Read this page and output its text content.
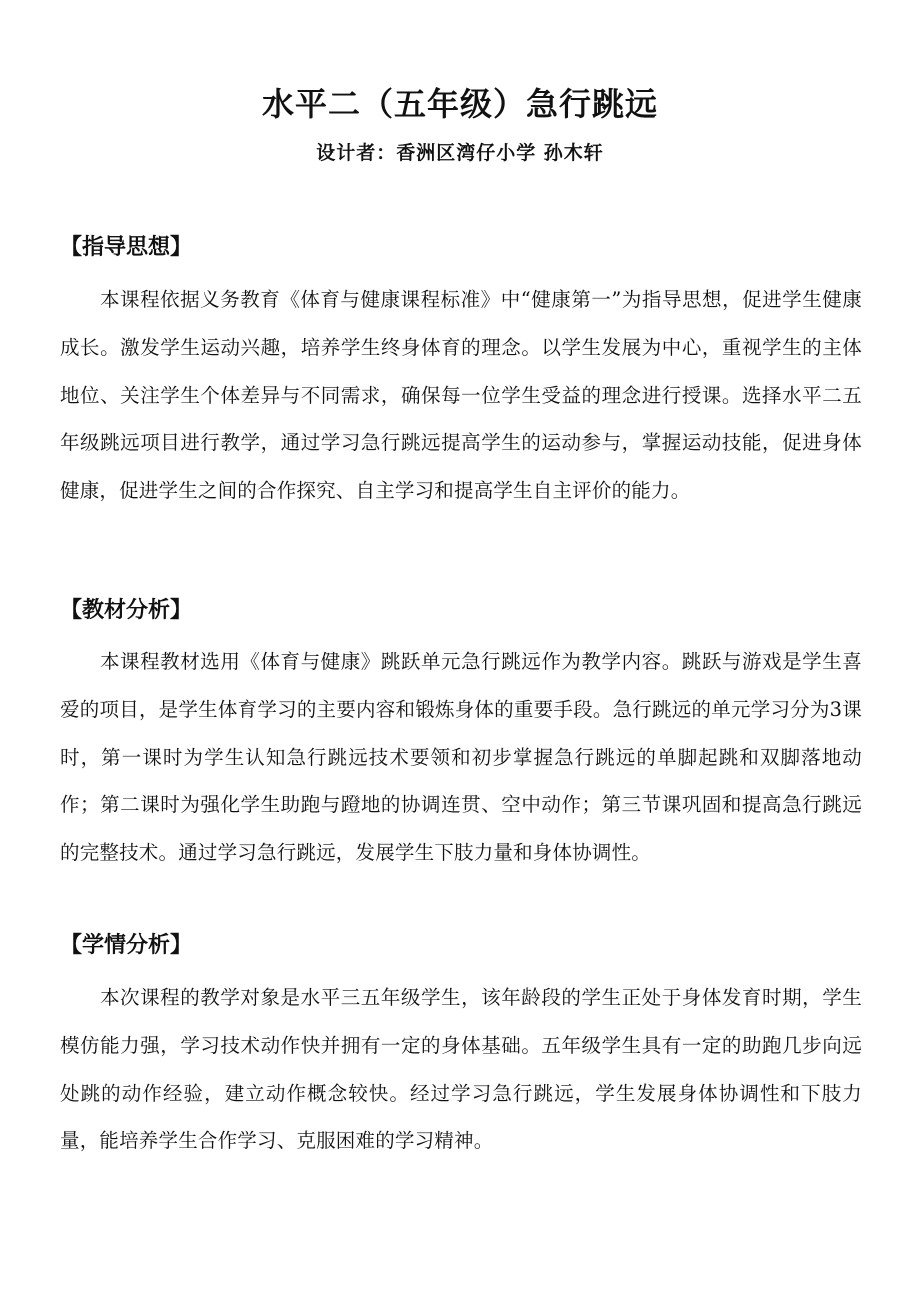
水平二（五年级）急行跳远
设计者：香洲区湾仔小学 孙木轩
【指导思想】

本课程依据义务教育《体育与健康课程标准》中“健康第一”为指导思想，促进学生健康成长。激发学生运动兴趣，培养学生终身体育的理念。以学生发展为中心，重视学生的主体地位、关注学生个体差异与不同需求，确保每一位学生受益的理念进行授课。选择水平二五年级跳远项目进行教学，通过学习急行跳远提高学生的运动参与，掌握运动技能，促进身体健康，促进学生之间的合作探究、自主学习和提高学生自主评价的能力。

【教材分析】

本课程教材选用《体育与健康》跳跃单元急行跳远作为教学内容。跳跃与游戏是学生喜爱的项目，是学生体育学习的主要内容和锻炼身体的重要手段。急行跳远的单元学习分为3课时，第一课时为学生认知急行跳远技术要领和初步掌握急行跳远的单脚起跳和双脚落地动作；第二课时为强化学生助跑与蹬地的协调连贯、空中动作；第三节课巩固和提高急行跳远的完整技术。通过学习急行跳远，发展学生下肢力量和身体协调性。

【学情分析】

本次课程的教学对象是水平三五年级学生，该年龄段的学生正处于身体发育时期，学生模仿能力强，学习技术动作快并拥有一定的身体基础。五年级学生具有一定的助跑几步向远处跳的动作经验，建立动作概念较快。经过学习急行跳远，学生发展身体协调性和下肢力量，能培养学生合作学习、克服困难的学习精神。
